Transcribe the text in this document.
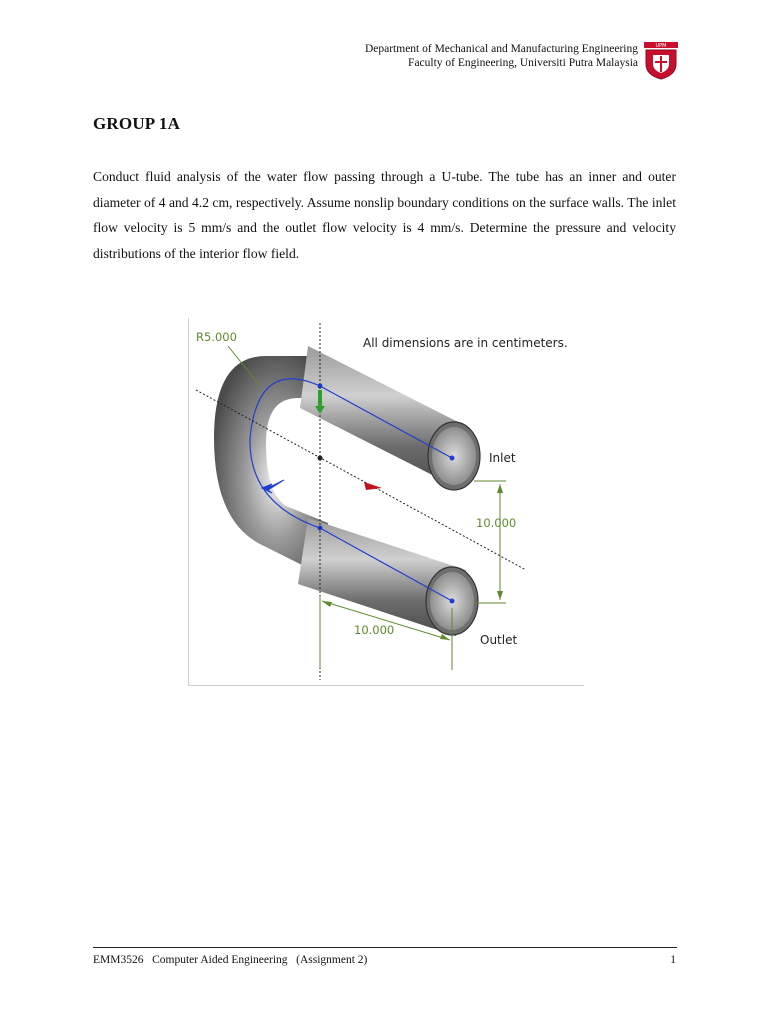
Department of Mechanical and Manufacturing Engineering
Faculty of Engineering, Universiti Putra Malaysia
UPM
GROUP 1A
Conduct fluid analysis of the water flow passing through a U-tube. The tube has an inner and outer diameter of 4 and 4.2 cm, respectively. Assume nonslip boundary conditions on the surface walls. The inlet flow velocity is 5 mm/s and the outlet flow velocity is 4 mm/s. Determine the pressure and velocity distributions of the interior flow field.
R5.000	All dimensions are in centimeters.
Inlet
Outlet
10.000
10.000
EMM3526   Computer Aided Engineering   (Assignment 2)	1
